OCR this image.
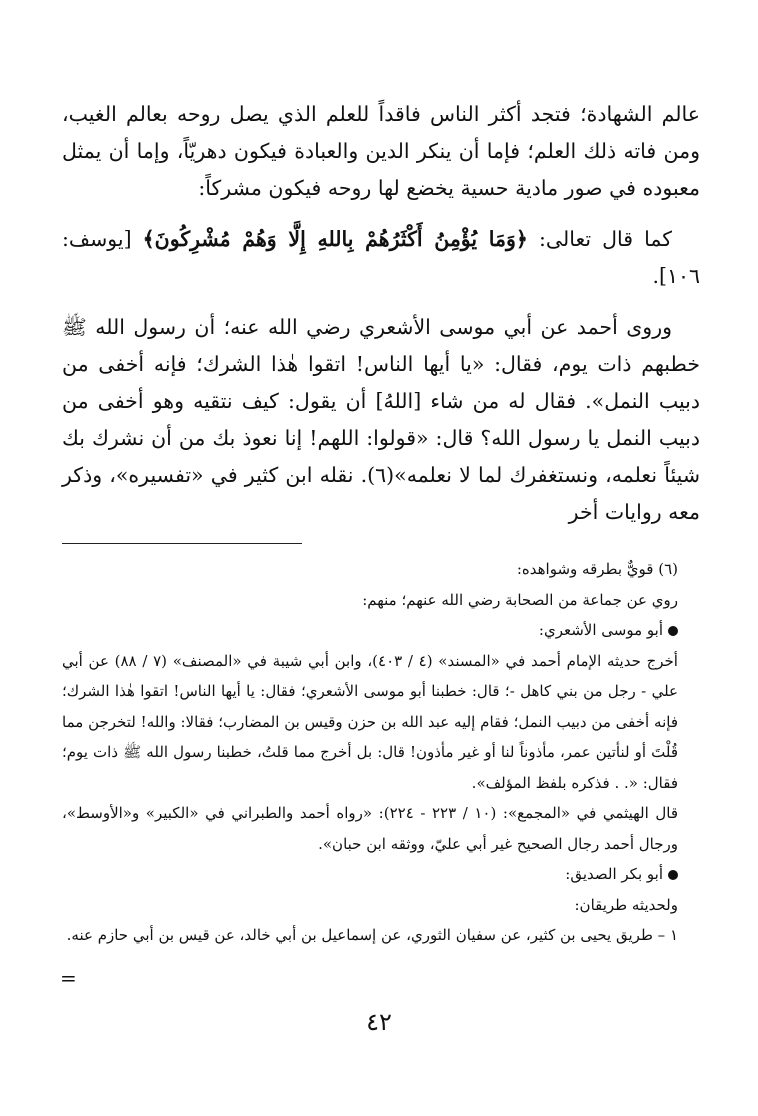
عالم الشهادة؛ فتجد أكثر الناس فاقداً للعلم الذي يصل روحه بعالم الغيب، ومن فاته ذلك العلم؛ فإما أن ينكر الدين والعبادة فيكون دهريّاً، وإما أن يمثل معبوده في صور مادية حسية يخضع لها روحه فيكون مشركاً:

كما قال تعالى: ﴿وَمَا يُؤْمِنُ أَكْثَرُهُمْ بِاللهِ إِلَّا وَهُمْ مُشْرِكُونَ﴾ [يوسف: ١٠٦].

وروى أحمد عن أبي موسى الأشعري رضي الله عنه؛ أن رسول الله ﷺ خطبهم ذات يوم، فقال: «يا أيها الناس! اتقوا هٰذا الشرك؛ فإنه أخفى من دبيب النمل». فقال له من شاء [اللهُ] أن يقول: كيف نتقيه وهو أخفى من دبيب النمل يا رسول الله؟ قال: «قولوا: اللهم! إنا نعوذ بك من أن نشرك بك شيئاً نعلمه، ونستغفرك لما لا نعلمه»(٦). نقله ابن كثير في «تفسيره»، وذكر معه روايات أخر

(٦) قويٌّ بطرقه وشواهده:

روي عن جماعة من الصحابة رضي الله عنهم؛ منهم:

أبو موسى الأشعري:

أخرج حديثه الإمام أحمد في «المسند» (٤ / ٤٠٣)، وابن أبي شيبة في «المصنف» (٧ / ٨٨) عن أبي علي - رجل من بني كاهل -؛ قال: خطبنا أبو موسى الأشعري؛ فقال: يا أيها الناس! اتقوا هٰذا الشرك؛ فإنه أخفى من دبيب النمل؛ فقام إليه عبد الله بن حزن وقيس بن المضارب؛ فقالا: والله! لتخرجن مما قُلْتَ أو لنأتين عمر، مأذوناً لنا أو غير مأذون! قال: بل أخرج مما قلتُ، خطبنا رسول الله ﷺ ذات يوم؛ فقال: «. . فذكره بلفظ المؤلف».

قال الهيثمي في «المجمع»: (١٠ / ٢٢٣ - ٢٢٤): «رواه أحمد والطبراني في «الكبير» و«الأوسط»، ورجال أحمد رجال الصحيح غير أبي عليّ، ووثقه ابن حبان».

أبو بكر الصديق:

ولحديثه طريقان:

١ – طريق يحيى بن كثير، عن سفيان الثوري، عن إسماعيل بن أبي خالد، عن قيس بن أبي حازم عنه.

=
٤٢
